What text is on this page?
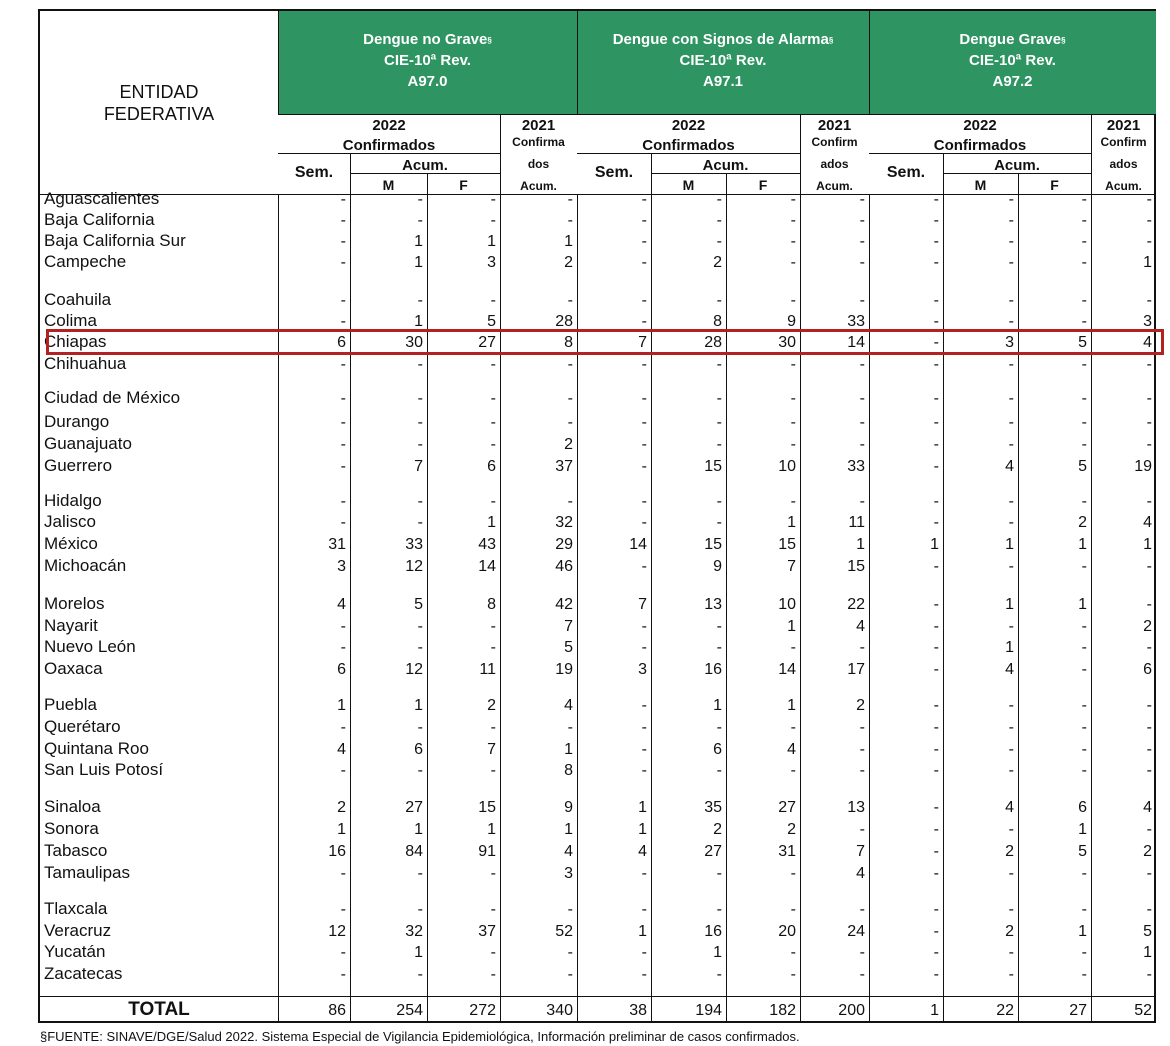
ENTIDAD
FEDERATIVA
Dengue no Grave§
CIE-10ª Rev.
A97.0
2022
Confirmados
Sem.	Acum.
M	F
2021
Confirma
dos
Acum.
Dengue con Signos de Alarma§
CIE-10ª Rev.
A97.1
2022
Confirmados
Sem.	Acum.
M	F
2021
Confirm
ados
Acum.
Dengue Grave§
CIE-10ª Rev.
A97.2
2022
Confirmados
Sem.	Acum.
M	F
2021
Confirm
ados
Acum.
Aguascalientes	-	-	-	-	-	-	-	-	-	-	-	-
Baja California	-	-	-	-	-	-	-	-	-	-	-	-
Baja California Sur	-	1	1	1	-	-	-	-	-	-	-	-
Campeche	-	1	3	2	-	2	-	-	-	-	-	1
Coahuila	-	-	-	-	-	-	-	-	-	-	-	-
Colima	-	1	5	28	-	8	9	33	-	-	-	3
Chiapas	6	30	27	8	7	28	30	14	-	3	5	4
Chihuahua	-	-	-	-	-	-	-	-	-	-	-	-
Ciudad de México	-	-	-	-	-	-	-	-	-	-	-	-
Durango	-	-	-	-	-	-	-	-	-	-	-	-
Guanajuato	-	-	-	2	-	-	-	-	-	-	-	-
Guerrero	-	7	6	37	-	15	10	33	-	4	5	19
Hidalgo	-	-	-	-	-	-	-	-	-	-	-	-
Jalisco	-	-	1	32	-	-	1	11	-	-	2	4
México	31	33	43	29	14	15	15	1	1	1	1	1
Michoacán	3	12	14	46	-	9	7	15	-	-	-	-
Morelos	4	5	8	42	7	13	10	22	-	1	1	-
Nayarit	-	-	-	7	-	-	1	4	-	-	-	2
Nuevo León	-	-	-	5	-	-	-	-	-	1	-	-
Oaxaca	6	12	11	19	3	16	14	17	-	4	-	6
Puebla	1	1	2	4	-	1	1	2	-	-	-	-
Querétaro	-	-	-	-	-	-	-	-	-	-	-	-
Quintana Roo	4	6	7	1	-	6	4	-	-	-	-	-
San Luis Potosí	-	-	-	8	-	-	-	-	-	-	-	-
Sinaloa	2	27	15	9	1	35	27	13	-	4	6	4
Sonora	1	1	1	1	1	2	2	-	-	-	1	-
Tabasco	16	84	91	4	4	27	31	7	-	2	5	2
Tamaulipas	-	-	-	3	-	-	-	4	-	-	-	-
Tlaxcala	-	-	-	-	-	-	-	-	-	-	-	-
Veracruz	12	32	37	52	1	16	20	24	-	2	1	5
Yucatán	-	1	-	-	-	1	-	-	-	-	-	1
Zacatecas	-	-	-	-	-	-	-	-	-	-	-	-
TOTAL	86	254	272	340	38	194	182	200	1	22	27	52
§FUENTE: SINAVE/DGE/Salud 2022. Sistema Especial de Vigilancia Epidemiológica, Información preliminar de casos confirmados.
